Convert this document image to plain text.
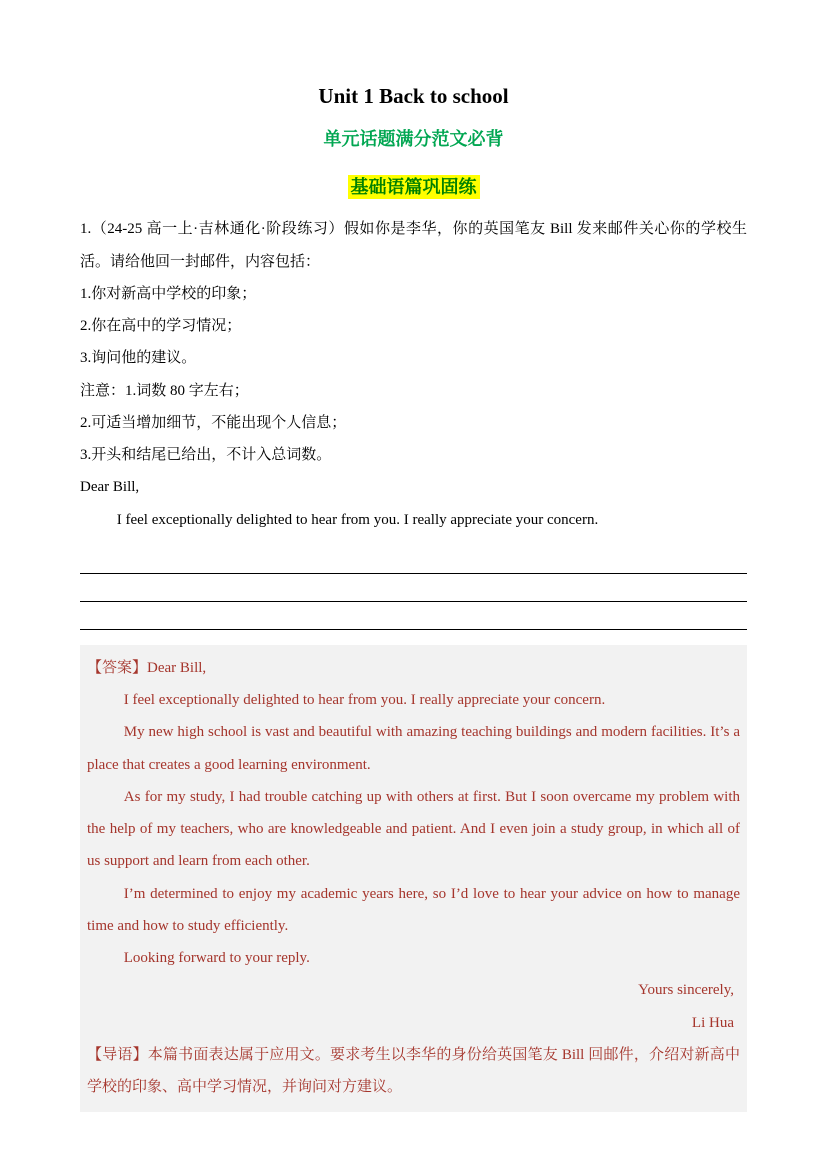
Unit 1 Back to school
单元话题满分范文必背
基础语篇巩固练

1.（24-25 高一上·吉林通化·阶段练习）假如你是李华，你的英国笔友 Bill 发来邮件关心你的学校生活。请给他回一封邮件，内容包括：

1.你对新高中学校的印象；

2.你在高中的学习情况；

3.询问他的建议。

注意：1.词数 80 字左右；

2.可适当增加细节，不能出现个人信息；

3.开头和结尾已给出，不计入总词数。

Dear Bill,

I feel exceptionally delighted to hear from you. I really appreciate your concern.

【答案】Dear Bill,

I feel exceptionally delighted to hear from you. I really appreciate your concern.

My new high school is vast and beautiful with amazing teaching buildings and modern facilities. It’s a place that creates a good learning environment.

As for my study, I had trouble catching up with others at first. But I soon overcame my problem with the help of my teachers, who are knowledgeable and patient. And I even join a study group, in which all of us support and learn from each other.

I’m determined to enjoy my academic years here, so I’d love to hear your advice on how to manage time and how to study efficiently.

Looking forward to your reply.

Yours sincerely,

Li Hua

【导语】本篇书面表达属于应用文。要求考生以李华的身份给英国笔友 Bill 回邮件，介绍对新高中学校的印象、高中学习情况，并询问对方建议。
